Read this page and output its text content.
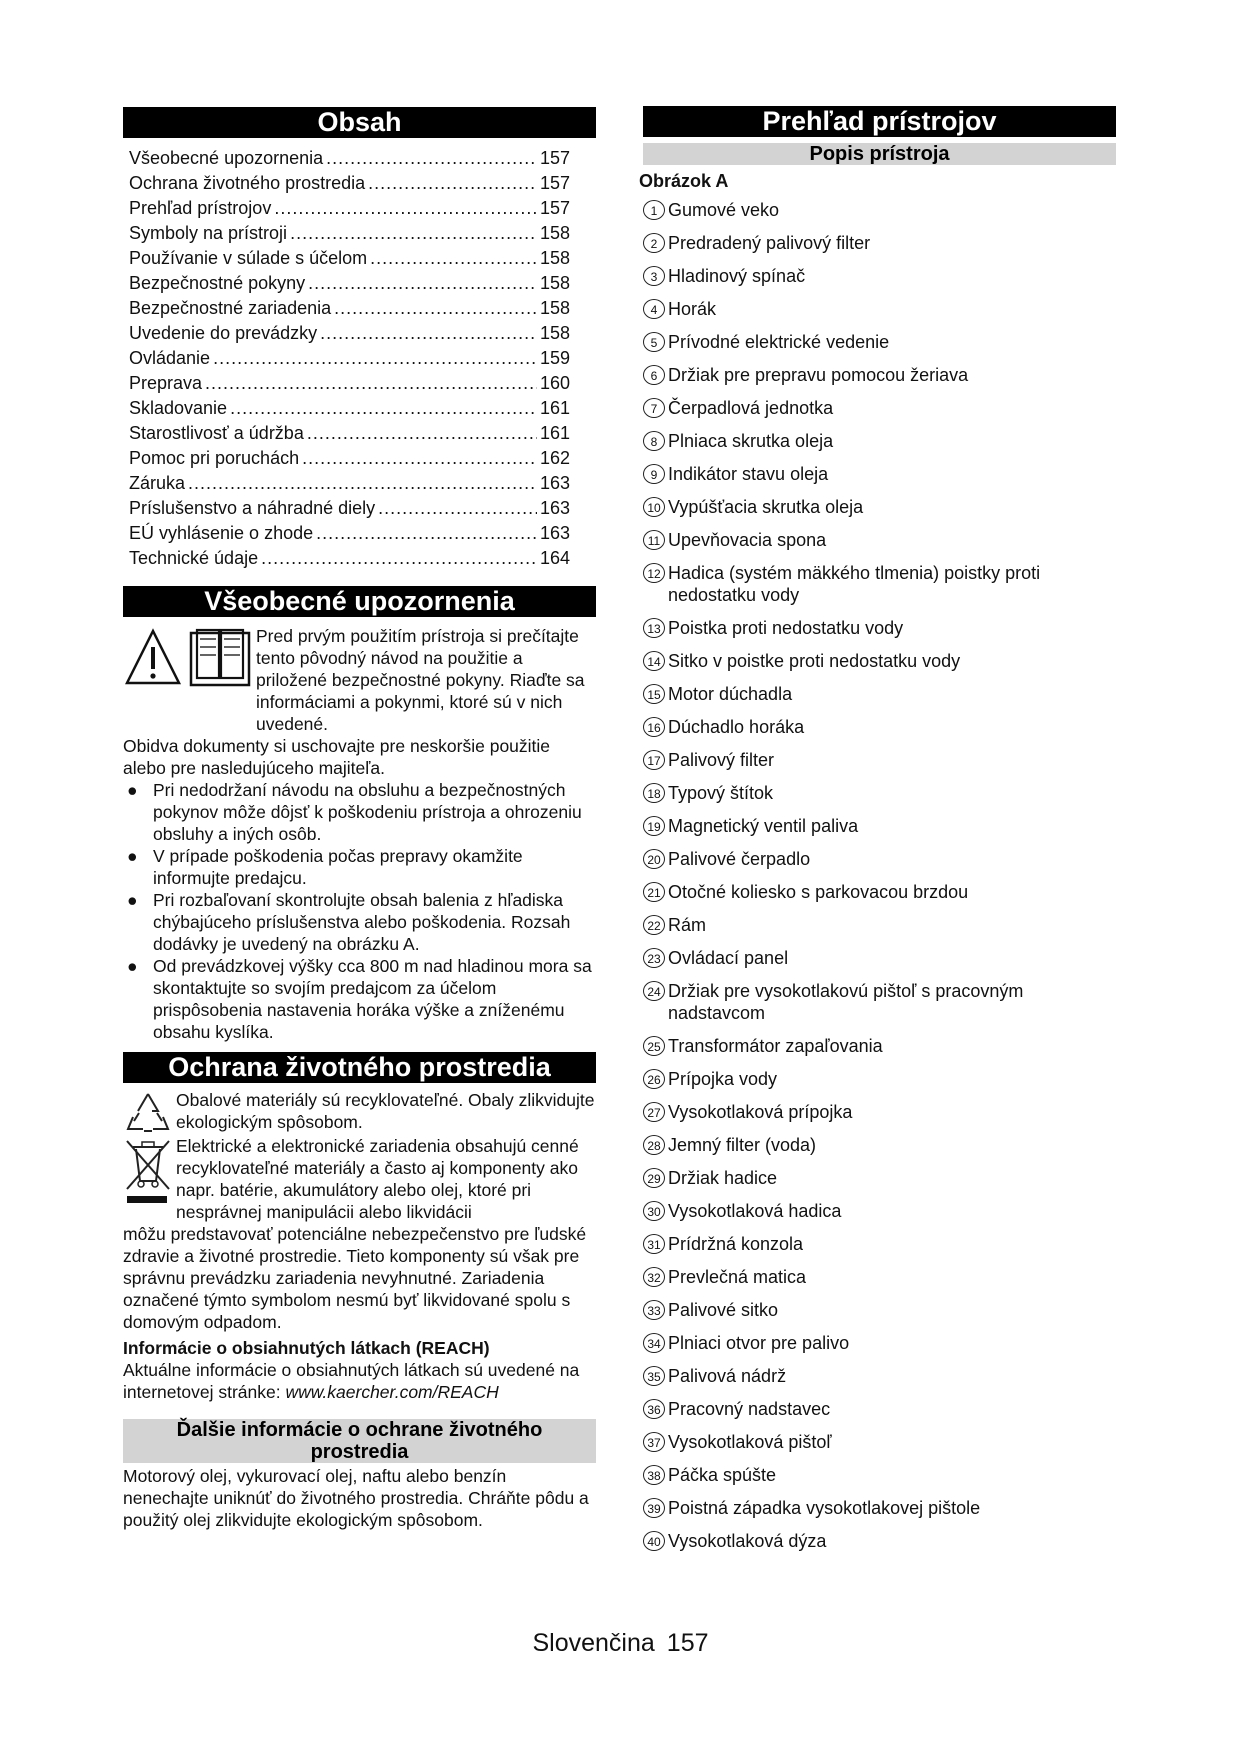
Obsah
Všeobecné upozornenia .....	157
Ochrana životného prostredia .....	157
Prehľad prístrojov .....	157
Symboly na prístroji .....	158
Používanie v súlade s účelom .....	158
Bezpečnostné pokyny .....	158
Bezpečnostné zariadenia .....	158
Uvedenie do prevádzky .....	158
Ovládanie .....	159
Preprava .....	160
Skladovanie .....	161
Starostlivosť a údržba .....	161
Pomoc pri poruchách .....	162
Záruka .....	163
Príslušenstvo a náhradné diely .....	163
EÚ vyhlásenie o zhode .....	163
Technické údaje .....	164
Všeobecné upozornenia

Pred prvým použitím prístroja si prečítajte tento pôvodný návod na použitie a priložené bezpečnostné pokyny. Riaďte sa informáciami a pokynmi, ktoré sú v nich uvedené.

Obidva dokumenty si uschovajte pre neskoršie použitie alebo pre nasledujúceho majiteľa.

● Pri nedodržaní návodu na obsluhu a bezpečnostných pokynov môže dôjsť k poškodeniu prístroja a ohrozeniu obsluhy a iných osôb.
● V prípade poškodenia počas prepravy okamžite informujte predajcu.
● Pri rozbaľovaní skontrolujte obsah balenia z hľadiska chýbajúceho príslušenstva alebo poškodenia. Rozsah dodávky je uvedený na obrázku A.
● Od prevádzkovej výšky cca 800 m nad hladinou mora sa skontaktujte so svojím predajcom za účelom prispôsobenia nastavenia horáka výške a zníženému obsahu kyslíka.
Ochrana životného prostredia

Obalové materiály sú recyklovateľné. Obaly zlikvidujte ekologickým spôsobom.

Elektrické a elektronické zariadenia obsahujú cenné recyklovateľné materiály a často aj komponenty ako napr. batérie, akumulátory alebo olej, ktoré pri nesprávnej manipulácii alebo likvidácii

môžu predstavovať potenciálne nebezpečenstvo pre ľudské zdravie a životné prostredie. Tieto komponenty sú však pre správnu prevádzku zariadenia nevyhnutné. Zariadenia označené týmto symbolom nesmú byť likvidované spolu s domovým odpadom.

Informácie o obsiahnutých látkach (REACH)

Aktuálne informácie o obsiahnutých látkach sú uvedené na internetovej stránke: www.kaercher.com/REACH

Ďalšie informácie o ochrane životného prostredia

Motorový olej, vykurovací olej, naftu alebo benzín nenechajte uniknúť do životného prostredia. Chráňte pôdu a použitý olej zlikvidujte ekologickým spôsobom.

Prehľad prístrojov
Popis prístroja
Obrázok A
1 Gumové veko
2 Predradený palivový filter
3 Hladinový spínač
4 Horák
5 Prívodné elektrické vedenie
6 Držiak pre prepravu pomocou žeriava
7 Čerpadlová jednotka
8 Plniaca skrutka oleja
9 Indikátor stavu oleja
10 Vypúšťacia skrutka oleja
11 Upevňovacia spona
12 Hadica (systém mäkkého tlmenia) poistky proti nedostatku vody
13 Poistka proti nedostatku vody
14 Sitko v poistke proti nedostatku vody
15 Motor dúchadla
16 Dúchadlo horáka
17 Palivový filter
18 Typový štítok
19 Magnetický ventil paliva
20 Palivové čerpadlo
21 Otočné koliesko s parkovacou brzdou
22 Rám
23 Ovládací panel
24 Držiak pre vysokotlakovú pištoľ s pracovným nadstavcom
25 Transformátor zapaľovania
26 Prípojka vody
27 Vysokotlaková prípojka
28 Jemný filter (voda)
29 Držiak hadice
30 Vysokotlaková hadica
31 Prídržná konzola
32 Prevlečná matica
33 Palivové sitko
34 Plniaci otvor pre palivo
35 Palivová nádrž
36 Pracovný nadstavec
37 Vysokotlaková pištoľ
38 Páčka spúšte
39 Poistná západka vysokotlakovej pištole
40 Vysokotlaková dýza
Slovenčina 157
